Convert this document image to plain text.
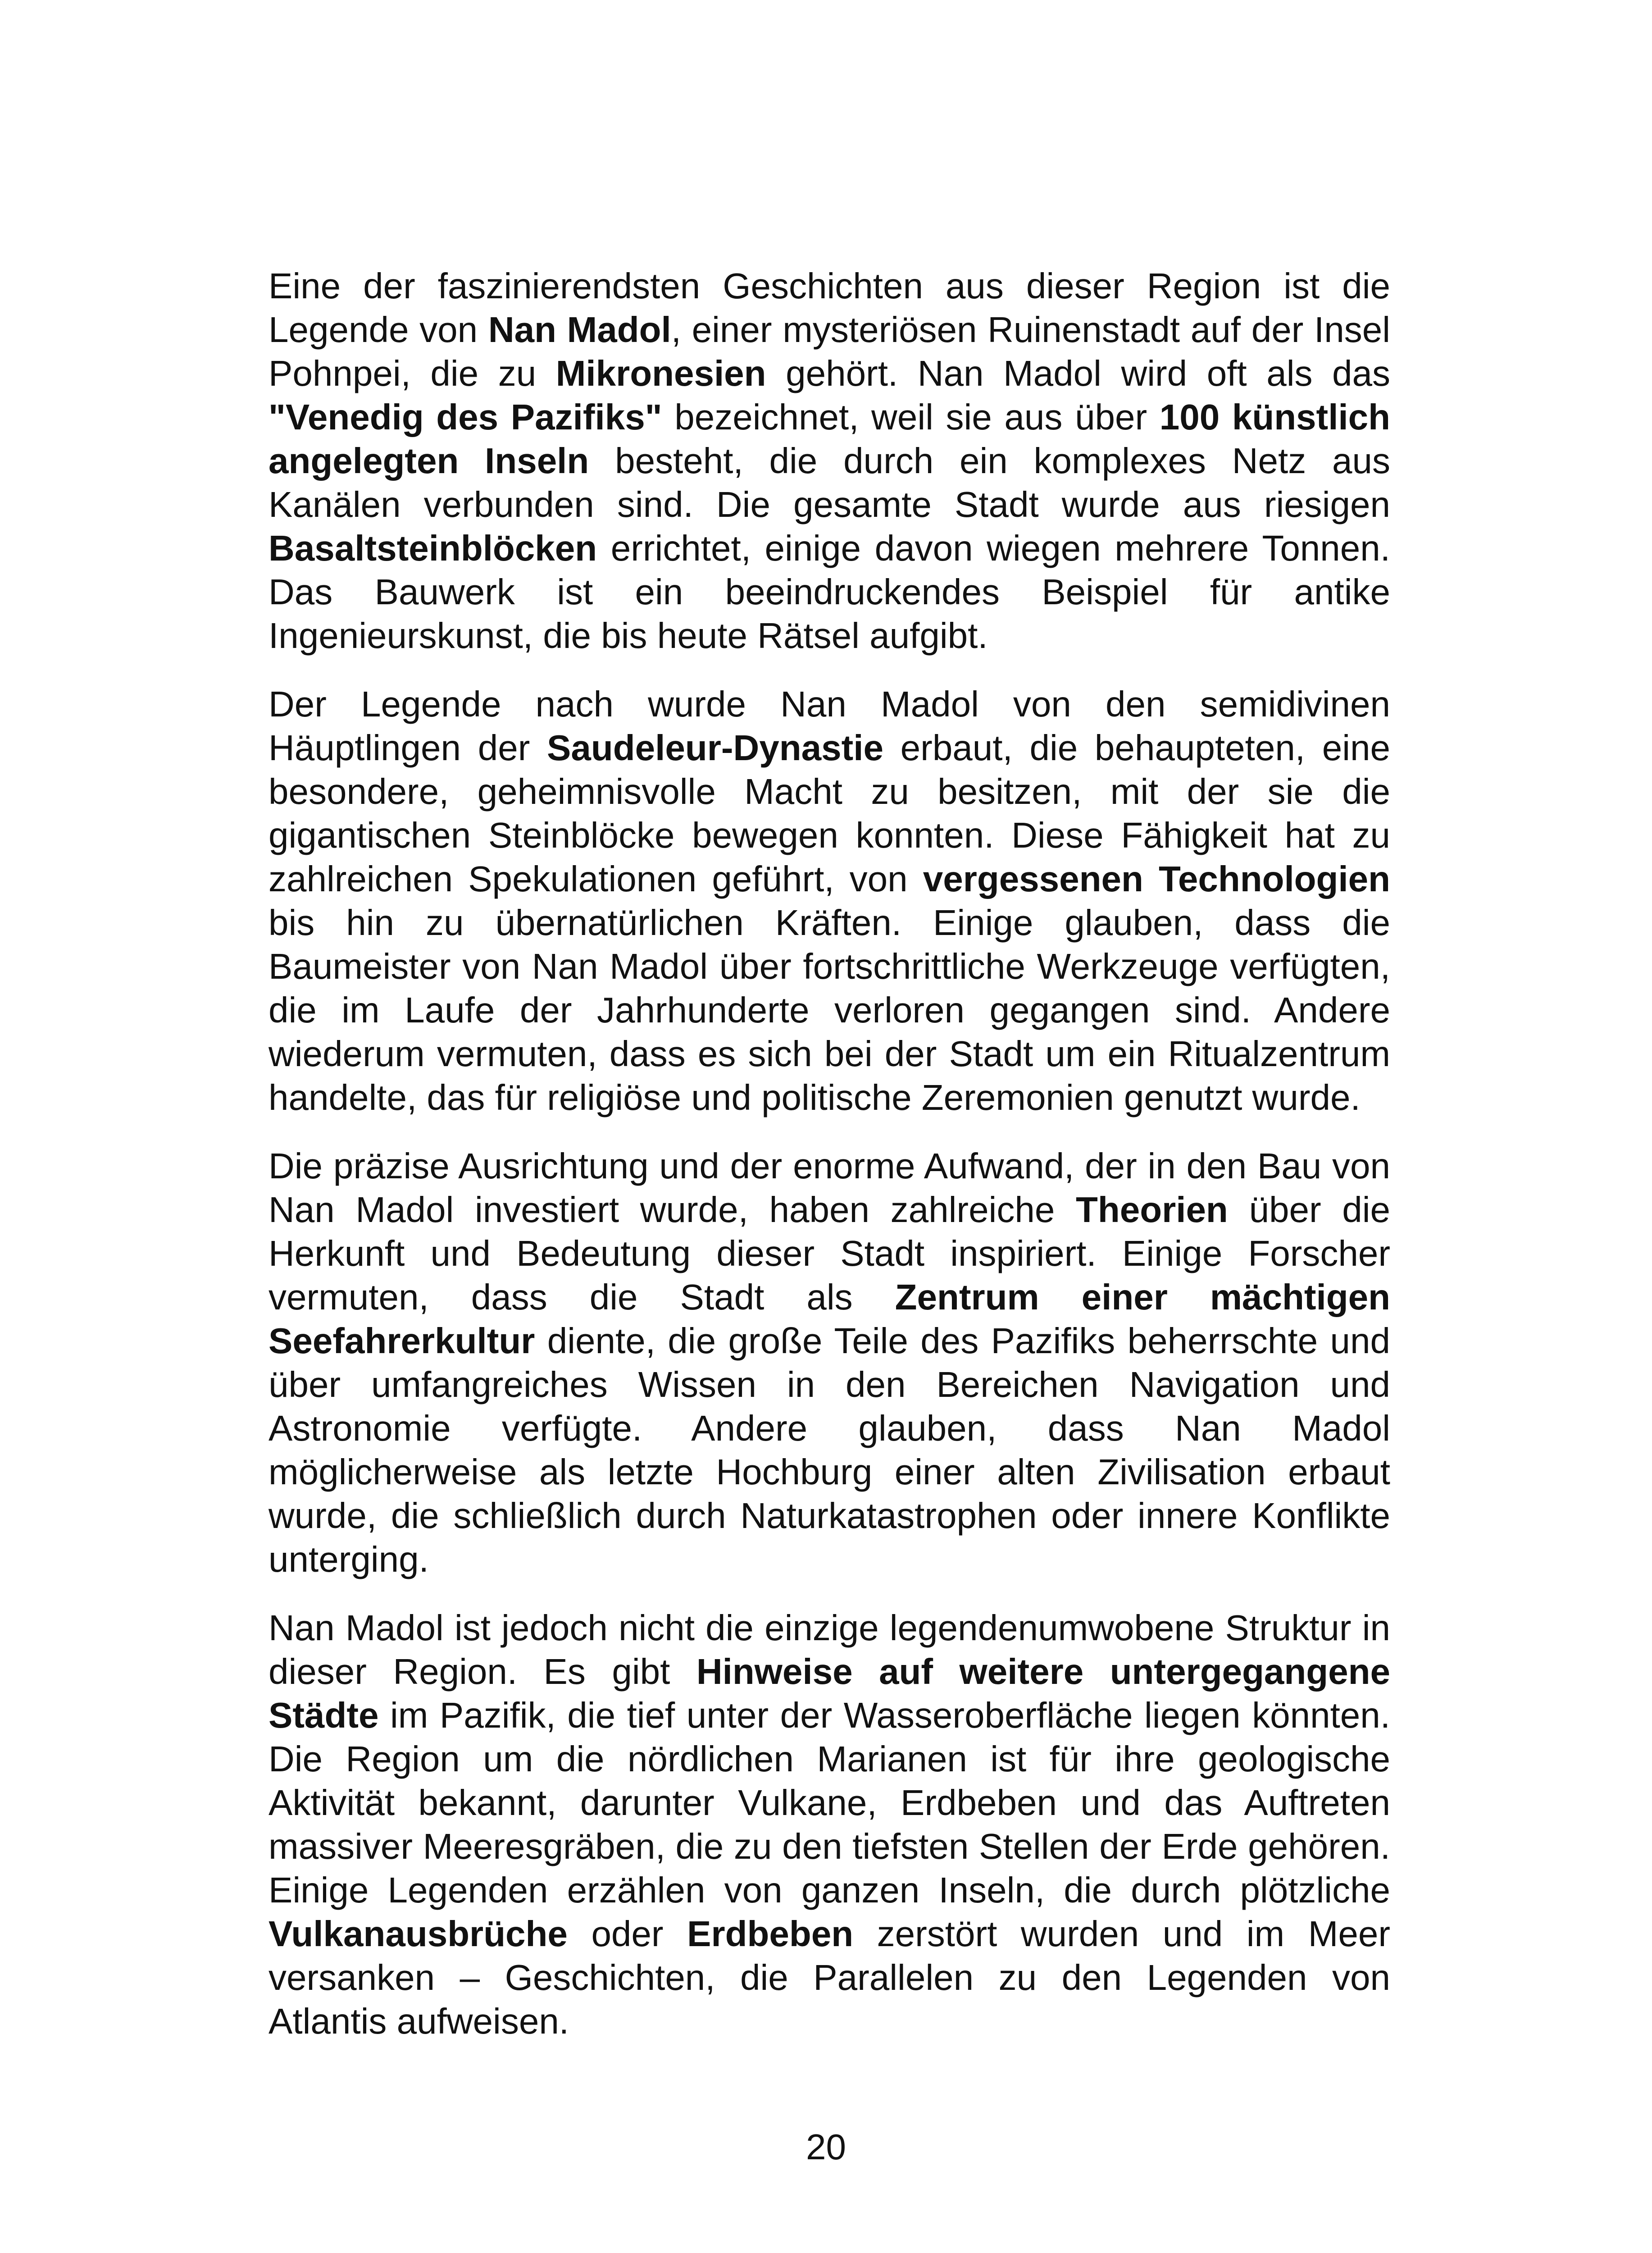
Eine der faszinierendsten Geschichten aus dieser Region ist die Legende von Nan Madol, einer mysteriösen Ruinenstadt auf der Insel Pohnpei, die zu Mikronesien gehört. Nan Madol wird oft als das "Venedig des Pazifiks" bezeichnet, weil sie aus über 100 künstlich angelegten Inseln besteht, die durch ein komplexes Netz aus Kanälen verbunden sind. Die gesamte Stadt wurde aus riesigen Basaltsteinblöcken errichtet, einige davon wiegen mehrere Tonnen. Das Bauwerk ist ein beeindruckendes Beispiel für antike Ingenieurskunst, die bis heute Rätsel aufgibt.

Der Legende nach wurde Nan Madol von den semidivinen Häuptlingen der Saudeleur-Dynastie erbaut, die behaupteten, eine besondere, geheimnisvolle Macht zu besitzen, mit der sie die gigantischen Steinblöcke bewegen konnten. Diese Fähigkeit hat zu zahlreichen Spekulationen geführt, von vergessenen Technologien bis hin zu übernatürlichen Kräften. Einige glauben, dass die Baumeister von Nan Madol über fortschrittliche Werkzeuge verfügten, die im Laufe der Jahrhunderte verloren gegangen sind. Andere wiederum vermuten, dass es sich bei der Stadt um ein Ritualzentrum handelte, das für religiöse und politische Zeremonien genutzt wurde.

Die präzise Ausrichtung und der enorme Aufwand, der in den Bau von Nan Madol investiert wurde, haben zahlreiche Theorien über die Herkunft und Bedeutung dieser Stadt inspiriert. Einige Forscher vermuten, dass die Stadt als Zentrum einer mächtigen Seefahrerkultur diente, die große Teile des Pazifiks beherrschte und über umfangreiches Wissen in den Bereichen Navigation und Astronomie verfügte. Andere glauben, dass Nan Madol möglicherweise als letzte Hochburg einer alten Zivilisation erbaut wurde, die schließlich durch Naturkatastrophen oder innere Konflikte unterging.

Nan Madol ist jedoch nicht die einzige legendenumwobene Struktur in dieser Region. Es gibt Hinweise auf weitere untergegangene Städte im Pazifik, die tief unter der Wasseroberfläche liegen könnten. Die Region um die nördlichen Marianen ist für ihre geologische Aktivität bekannt, darunter Vulkane, Erdbeben und das Auftreten massiver Meeresgräben, die zu den tiefsten Stellen der Erde gehören. Einige Legenden erzählen von ganzen Inseln, die durch plötzliche Vulkanausbrüche oder Erdbeben zerstört wurden und im Meer versanken – Geschichten, die Parallelen zu den Legenden von Atlantis aufweisen.

20
